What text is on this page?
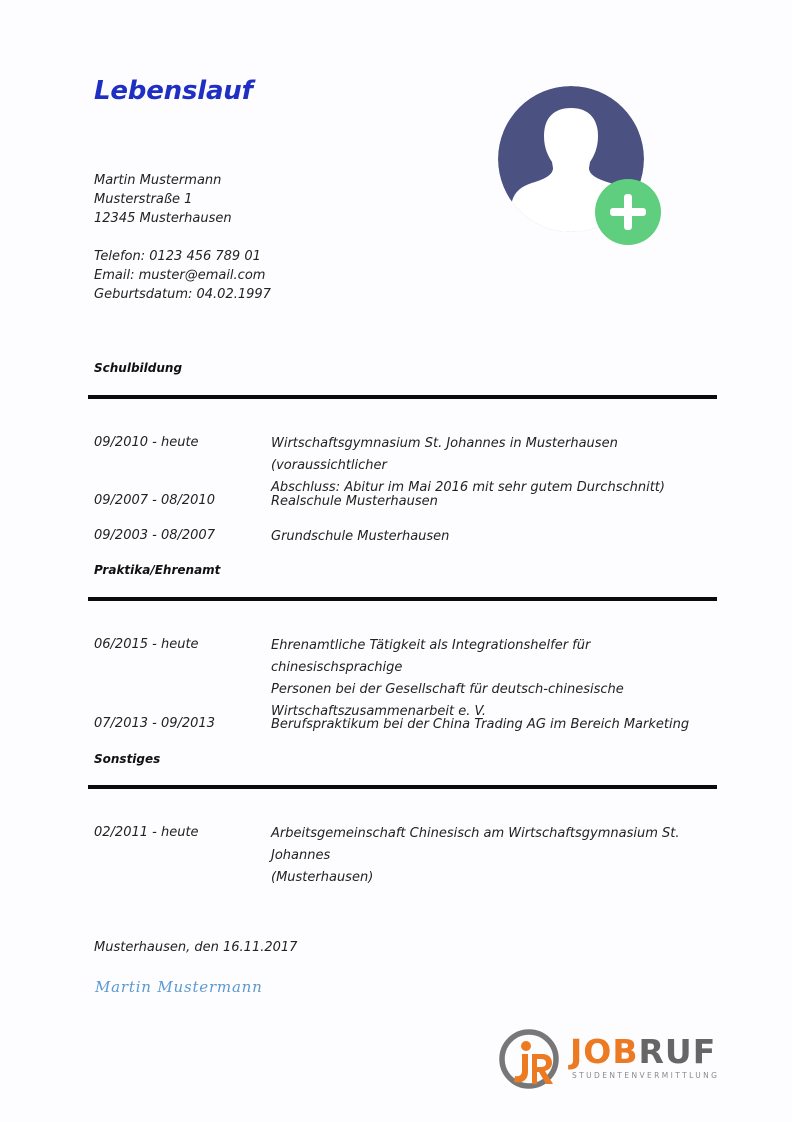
Lebenslauf
Martin Mustermann
Musterstraße 1
12345 Musterhausen
Telefon: 0123 456 789 01
Email: muster@email.com
Geburtsdatum: 04.02.1997
Schulbildung
09/2010 - heute	Wirtschaftsgymnasium St. Johannes in Musterhausen (voraussichtlicher
Abschluss: Abitur im Mai 2016 mit sehr gutem Durchschnitt)
09/2007 - 08/2010	Realschule Musterhausen
09/2003 - 08/2007	Grundschule Musterhausen
Praktika/Ehrenamt
06/2015 - heute	Ehrenamtliche Tätigkeit als Integrationshelfer für chinesischsprachige
Personen bei der Gesellschaft für deutsch-chinesische
Wirtschaftszusammenarbeit e. V.
07/2013 - 09/2013	Berufspraktikum bei der China Trading AG im Bereich Marketing
Sonstiges
02/2011 - heute	Arbeitsgemeinschaft Chinesisch am Wirtschaftsgymnasium St. Johannes
(Musterhausen)
Musterhausen, den 16.11.2017
Martin Mustermann
JOBRUF
STUDENTENVERMITTLUNG
